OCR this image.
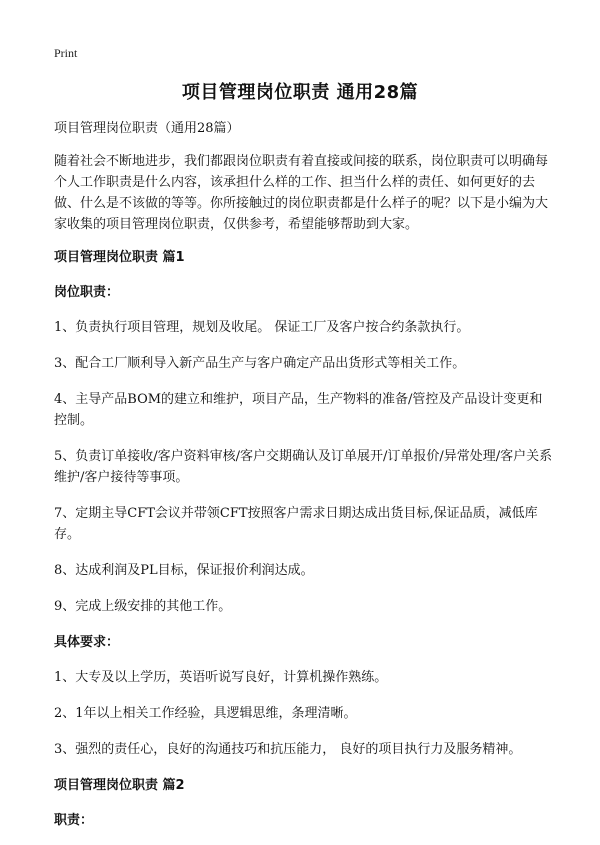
Print
项目管理岗位职责 通用28篇

项目管理岗位职责（通用28篇）

随着社会不断地进步，我们都跟岗位职责有着直接或间接的联系，岗位职责可以明确每个人工作职责是什么内容，该承担什么样的工作、担当什么样的责任、如何更好的去做、什么是不该做的等等。你所接触过的岗位职责都是什么样子的呢？以下是小编为大家收集的项目管理岗位职责，仅供参考，希望能够帮助到大家。

项目管理岗位职责 篇1

岗位职责：

1、负责执行项目管理，规划及收尾。 保证工厂及客户按合约条款执行。

3、配合工厂顺利导入新产品生产与客户确定产品出货形式等相关工作。

4、主导产品BOM的建立和维护，项目产品，生产物料的准备/管控及产品设计变更和控制。

5、负责订单接收/客户资料审核/客户交期确认及订单展开/订单报价/异常处理/客户关系维护/客户接待等事项。

7、定期主导CFT会议并带领CFT按照客户需求日期达成出货目标,保证品质，减低库存。

8、达成利润及PL目标，保证报价利润达成。

9、完成上级安排的其他工作。

具体要求：

1、大专及以上学历，英语听说写良好，计算机操作熟练。

2、1年以上相关工作经验，具逻辑思维，条理清晰。

3、强烈的责任心，良好的沟通技巧和抗压能力， 良好的项目执行力及服务精神。

项目管理岗位职责 篇2

职责：
